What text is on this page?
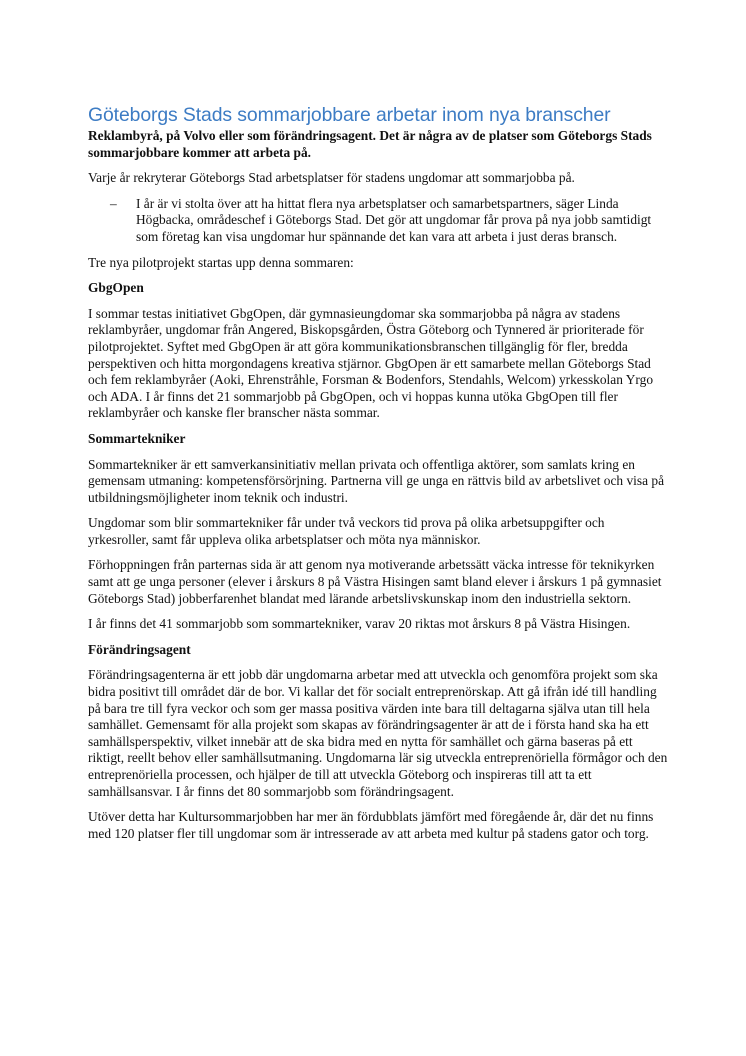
Göteborgs Stads sommarjobbare arbetar inom nya branscher

Reklambyrå, på Volvo eller som förändringsagent. Det är några av de platser som Göteborgs Stads sommarjobbare kommer att arbeta på.

Varje år rekryterar Göteborgs Stad arbetsplatser för stadens ungdomar att sommarjobba på.

– I år är vi stolta över att ha hittat flera nya arbetsplatser och samarbetspartners, säger Linda Högbacka, områdeschef i Göteborgs Stad. Det gör att ungdomar får prova på nya jobb samtidigt som företag kan visa ungdomar hur spännande det kan vara att arbeta i just deras bransch.

Tre nya pilotprojekt startas upp denna sommaren:

GbgOpen

I sommar testas initiativet GbgOpen, där gymnasieungdomar ska sommarjobba på några av stadens reklambyråer, ungdomar från Angered, Biskopsgården, Östra Göteborg och Tynnered är prioriterade för pilotprojektet. Syftet med GbgOpen är att göra kommunikationsbranschen tillgänglig för fler, bredda perspektiven och hitta morgondagens kreativa stjärnor. GbgOpen är ett samarbete mellan Göteborgs Stad och fem reklambyråer (Aoki, Ehrenstråhle, Forsman & Bodenfors, Stendahls, Welcom) yrkesskolan Yrgo och ADA. I år finns det 21 sommarjobb på GbgOpen, och vi hoppas kunna utöka GbgOpen till fler reklambyråer och kanske fler branscher nästa sommar.

Sommartekniker

Sommartekniker är ett samverkansinitiativ mellan privata och offentliga aktörer, som samlats kring en gemensam utmaning: kompetensförsörjning. Partnerna vill ge unga en rättvis bild av arbetslivet och visa på utbildningsmöjligheter inom teknik och industri.

Ungdomar som blir sommartekniker får under två veckors tid prova på olika arbetsuppgifter och yrkesroller, samt får uppleva olika arbetsplatser och möta nya människor.

Förhoppningen från parternas sida är att genom nya motiverande arbetssätt väcka intresse för teknikyrken samt att ge unga personer (elever i årskurs 8 på Västra Hisingen samt bland elever i årskurs 1 på gymnasiet Göteborgs Stad) jobberfarenhet blandat med lärande arbetslivskunskap inom den industriella sektorn.

I år finns det 41 sommarjobb som sommartekniker, varav 20 riktas mot årskurs 8 på Västra Hisingen.

Förändringsagent

Förändringsagenterna är ett jobb där ungdomarna arbetar med att utveckla och genomföra projekt som ska bidra positivt till området där de bor. Vi kallar det för socialt entreprenörskap. Att gå ifrån idé till handling på bara tre till fyra veckor och som ger massa positiva värden inte bara till deltagarna själva utan till hela samhället. Gemensamt för alla projekt som skapas av förändringsagenter är att de i första hand ska ha ett samhällsperspektiv, vilket innebär att de ska bidra med en nytta för samhället och gärna baseras på ett riktigt, reellt behov eller samhällsutmaning. Ungdomarna lär sig utveckla entreprenöriella förmågor och den entreprenöriella processen, och hjälper de till att utveckla Göteborg och inspireras till att ta ett samhällsansvar. I år finns det 80 sommarjobb som förändringsagent.

Utöver detta har Kultursommarjobben har mer än fördubblats jämfört med föregående år, där det nu finns med 120 platser fler till ungdomar som är intresserade av att arbeta med kultur på stadens gator och torg.
